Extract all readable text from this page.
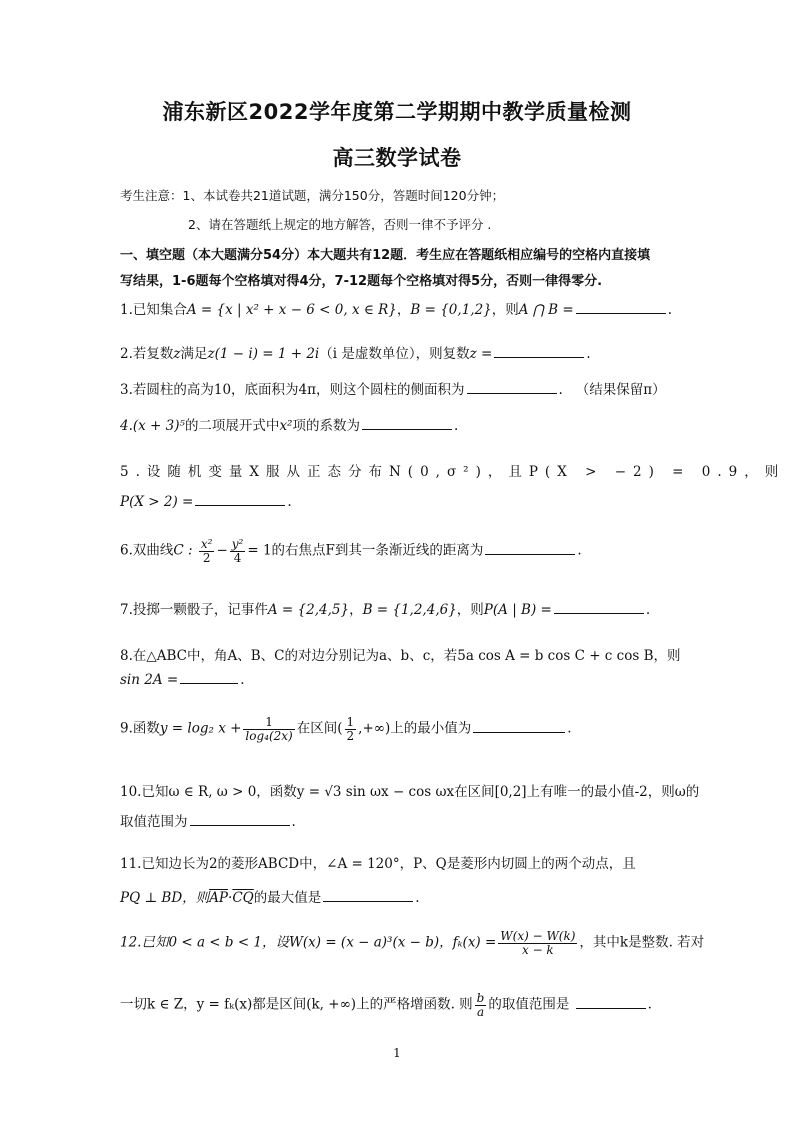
浦东新区2022学年度第二学期期中教学质量检测
高三数学试卷
考生注意：1、本试卷共21道试题，满分150分，答题时间120分钟；
2、请在答题纸上规定的地方解答，否则一律不予评分 .
一、填空题（本大题满分54分）本大题共有12题．考生应在答题纸相应编号的空格内直接填
写结果，1-6题每个空格填对得4分，7-12题每个空格填对得5分，否则一律得零分.
1.已知集合A = {x | x² + x − 6 < 0, x ∈ R}，B = {0,1,2}，则A ⋂ B =	.
2.若复数z满足z(1 − i) = 1 + 2i（i 是虚数单位），则复数z =	.
3.若圆柱的高为10，底面积为4π，则这个圆柱的侧面积为	.   （结果保留π）
4.(x + 3)⁵的二项展开式中x²项的系数为	.
5.设随机变量X服从正态分布N(0,σ²)，且P(X > −2) = 0.9，则
P(X > 2) =	.
6.双曲线C : $\frac{\text{x²}}{2} - \frac{\text{y²}}{4} = 1$的右焦点F到其一条渐近线的距离为	.
7.投掷一颗骰子，记事件A = {2,4,5}，B = {1,2,4,6}，则P(A | B) =	.
8.在△ABC中，角A、B、C的对边分别记为a、b、c，若5a cos A = b cos C + c cos B，则
sin 2A =	.
9.函数y = log₂ $x + \frac{1}{\text{log₄(2x)}}$ 在区间( $\frac{1}{2}$ ,+∞)上的最小值为	.
10.已知ω ∈ R, ω > 0，函数y = √3 sin ωx − cos ωx在区间[0,2]上有唯一的最小值-2，则ω的
取值范围为	.
11.已知边长为2的菱形ABCD中，∠A = 120°，P、Q是菱形内切圆上的两个动点，且
PQ ⊥ BD，则$\overline{AP}\cdot\overline{CQ}$的最大值是	.
12.已知0 < a < b < 1，设W(x) = (x − a)³(x − b)，$f_k(x) = \frac{W(x) - W(k)}{x - k}$ ，其中k是整数. 若对
一切k ∈ Z，y = fₖ(x)都是区间(k, +∞)上的严格增函数. 则 $\frac{b}{a}$ 的取值范围是	.
1
